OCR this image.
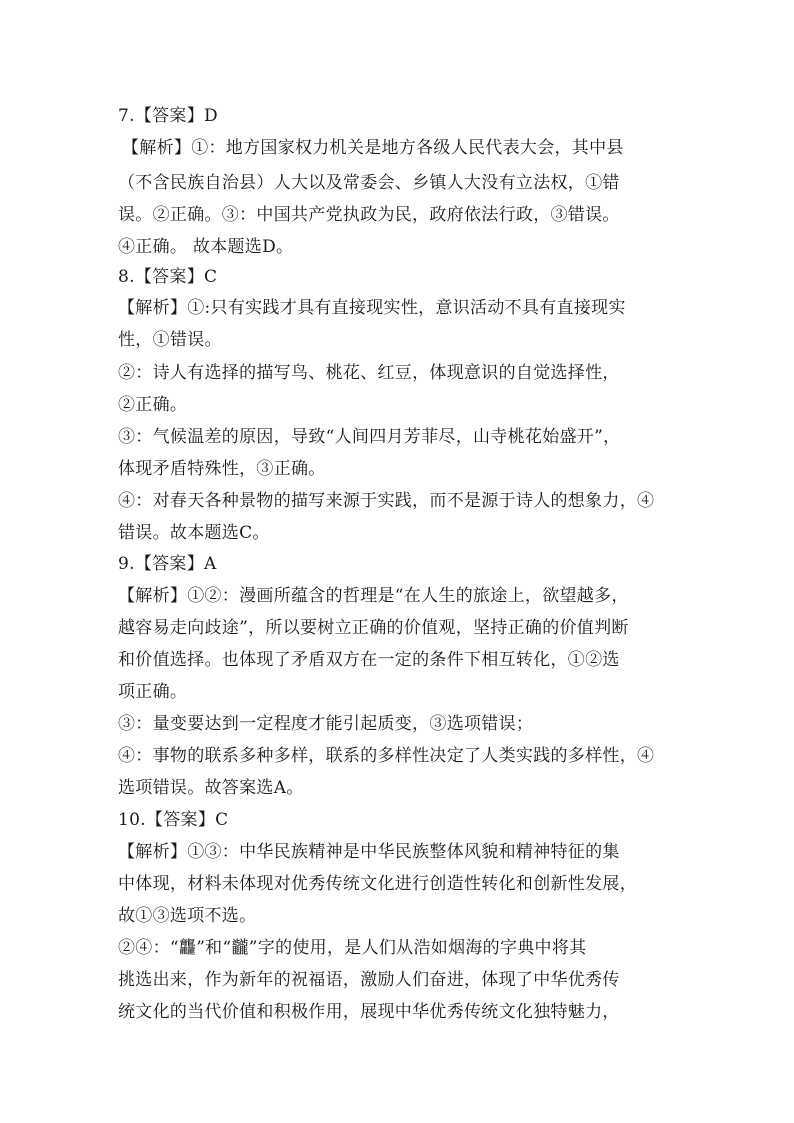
7.【答案】D
【解析】①：地方国家权力机关是地方各级人民代表大会，其中县
（不含民族自治县）人大以及常委会、乡镇人大没有立法权，①错
误。②正确。③：中国共产党执政为民，政府依法行政，③错误。
④正确。 故本题选D。
8.【答案】C
【解析】①:只有实践才具有直接现实性，意识活动不具有直接现实
性，①错误。
②：诗人有选择的描写鸟、桃花、红豆，体现意识的自觉选择性，
②正确。
③：气候温差的原因，导致“人间四月芳菲尽，山寺桃花始盛开”，
体现矛盾特殊性，③正确。
④：对春天各种景物的描写来源于实践，而不是源于诗人的想象力，④
错误。故本题选C。
9.【答案】A
【解析】①②：漫画所蕴含的哲理是“在人生的旅途上，欲望越多，
越容易走向歧途”，所以要树立正确的价值观，坚持正确的价值判断
和价值选择。也体现了矛盾双方在一定的条件下相互转化，①②选
项正确。
③：量变要达到一定程度才能引起质变，③选项错误；
④：事物的联系多种多样，联系的多样性决定了人类实践的多样性，④
选项错误。故答案选A。
10.【答案】C
【解析】①③：中华民族精神是中华民族整体风貌和精神特征的集
中体现，材料未体现对优秀传统文化进行创造性转化和创新性发展，
故①③选项不选。
②④：“龘”和“龖”字的使用，是人们从浩如烟海的字典中将其
挑选出来，作为新年的祝福语，激励人们奋进，体现了中华优秀传
统文化的当代价值和积极作用，展现中华优秀传统文化独特魅力，
